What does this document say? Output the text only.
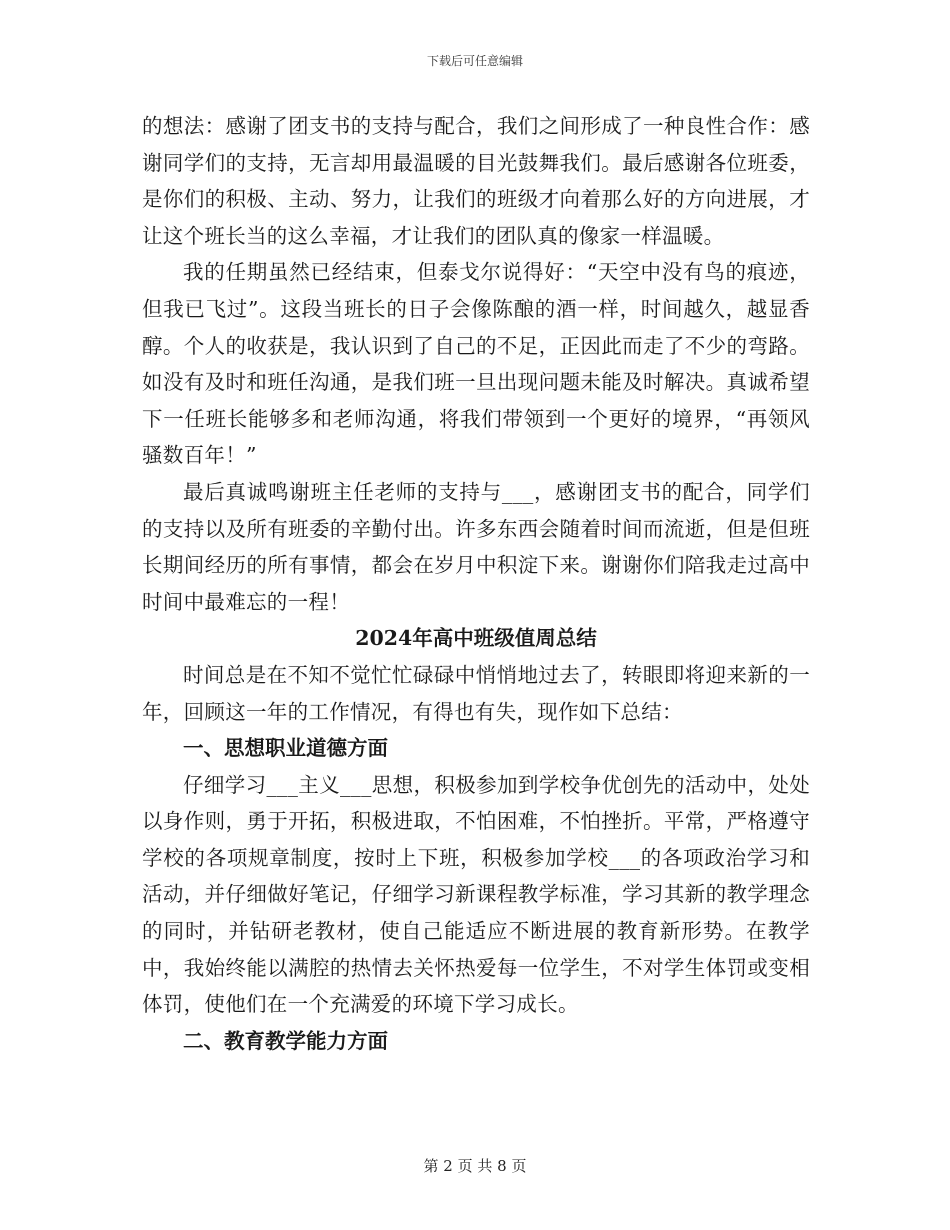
下载后可任意编辑

的想法：感谢了团支书的支持与配合，我们之间形成了一种良性合作：感谢同学们的支持，无言却用最温暖的目光鼓舞我们。最后感谢各位班委，是你们的积极、主动、努力，让我们的班级才向着那么好的方向进展，才让这个班长当的这么幸福，才让我们的团队真的像家一样温暖。

我的任期虽然已经结束，但泰戈尔说得好：“天空中没有鸟的痕迹，但我已飞过”。这段当班长的日子会像陈酿的酒一样，时间越久，越显香醇。个人的收获是，我认识到了自己的不足，正因此而走了不少的弯路。如没有及时和班任沟通，是我们班一旦出现问题未能及时解决。真诚希望下一任班长能够多和老师沟通，将我们带领到一个更好的境界，“再领风骚数百年！”

最后真诚鸣谢班主任老师的支持与___，感谢团支书的配合，同学们的支持以及所有班委的辛勤付出。许多东西会随着时间而流逝，但是但班长期间经历的所有事情，都会在岁月中积淀下来。谢谢你们陪我走过高中时间中最难忘的一程！

2024年高中班级值周总结

时间总是在不知不觉忙忙碌碌中悄悄地过去了，转眼即将迎来新的一年，回顾这一年的工作情况，有得也有失，现作如下总结：

一、思想职业道德方面

仔细学习___主义___思想，积极参加到学校争优创先的活动中，处处以身作则，勇于开拓，积极进取，不怕困难，不怕挫折。平常，严格遵守学校的各项规章制度，按时上下班，积极参加学校___的各项政治学习和活动，并仔细做好笔记，仔细学习新课程教学标准，学习其新的教学理念的同时，并钻研老教材，使自己能适应不断进展的教育新形势。在教学中，我始终能以满腔的热情去关怀热爱每一位学生，不对学生体罚或变相体罚，使他们在一个充满爱的环境下学习成长。

二、教育教学能力方面

第 2 页 共 8 页
